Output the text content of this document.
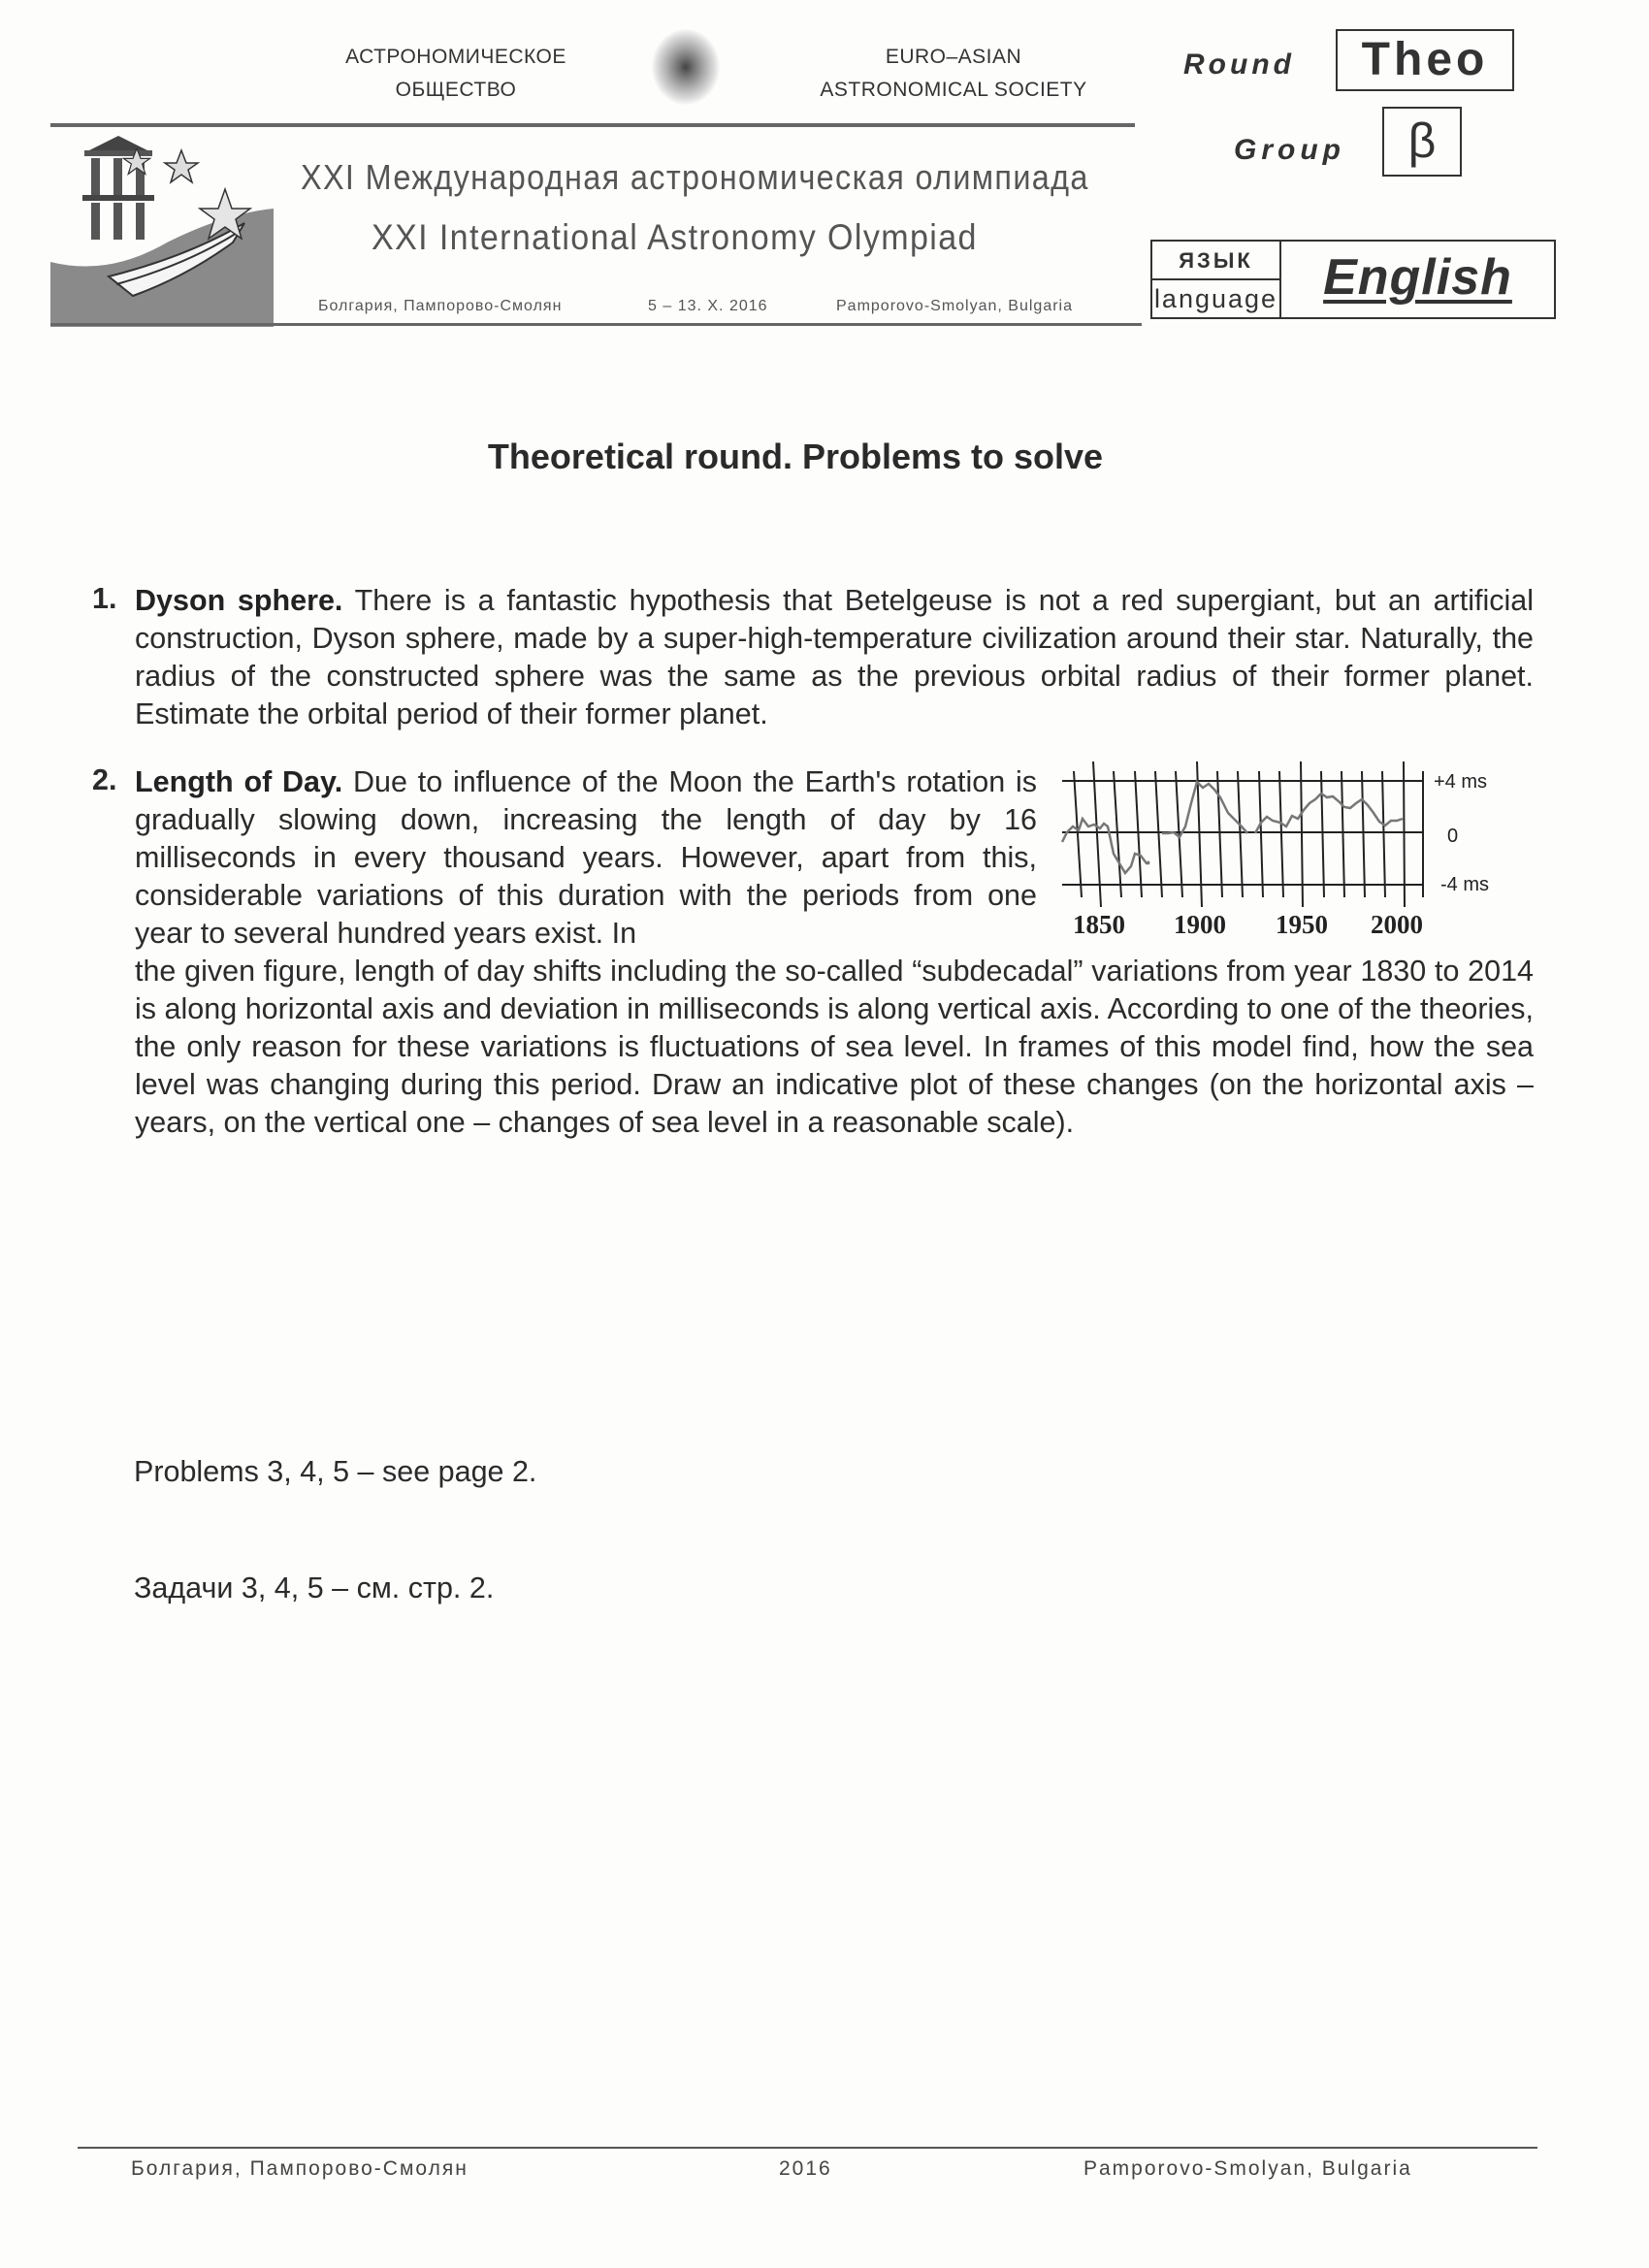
АСТРОНОМИЧЕСКОЕ
ОБЩЕСТВО
EURO–ASIAN
ASTRONOMICAL SOCIETY
XXI Международная астрономическая олимпиада
XXI International Astronomy Olympiad
Болгария, Пампорово-Смолян	5 – 13. X. 2016	Pamporovo-Smolyan, Bulgaria
Round	Theo
Group	β
ЯЗЫК
language English
Theoretical round. Problems to solve
1. Dyson sphere. There is a fantastic hypothesis that Betelgeuse is not a red supergiant, but an artificial construction, Dyson sphere, made by a super-high-temperature civilization around their star. Naturally, the radius of the constructed sphere was the same as the previous orbital radius of their former planet. Estimate the orbital period of their former planet.
2. Length of Day. Due to influence of the Moon the Earth's rotation is gradually slowing down, increasing the length of day by 16 milliseconds in every thousand years. However, apart from this, considerable variations of this duration with the periods from one year to several hundred years exist. In
the given figure, length of day shifts including the so-called “subdecadal” variations from year 1830 to 2014 is along horizontal axis and deviation in milliseconds is along vertical axis. According to one of the theories, the only reason for these variations is fluctuations of sea level. In frames of this model find, how the sea level was changing during this period. Draw an indicative plot of these changes (on the horizontal axis – years, on the vertical one – changes of sea level in a reasonable scale).
+4 ms
0
-4 ms
1850 1900 1950 2000
Problems 3, 4, 5 – see page 2.
Задачи 3, 4, 5 – см. стр. 2.
Болгария, Пампорово-Смолян	2016	Pamporovo-Smolyan, Bulgaria
